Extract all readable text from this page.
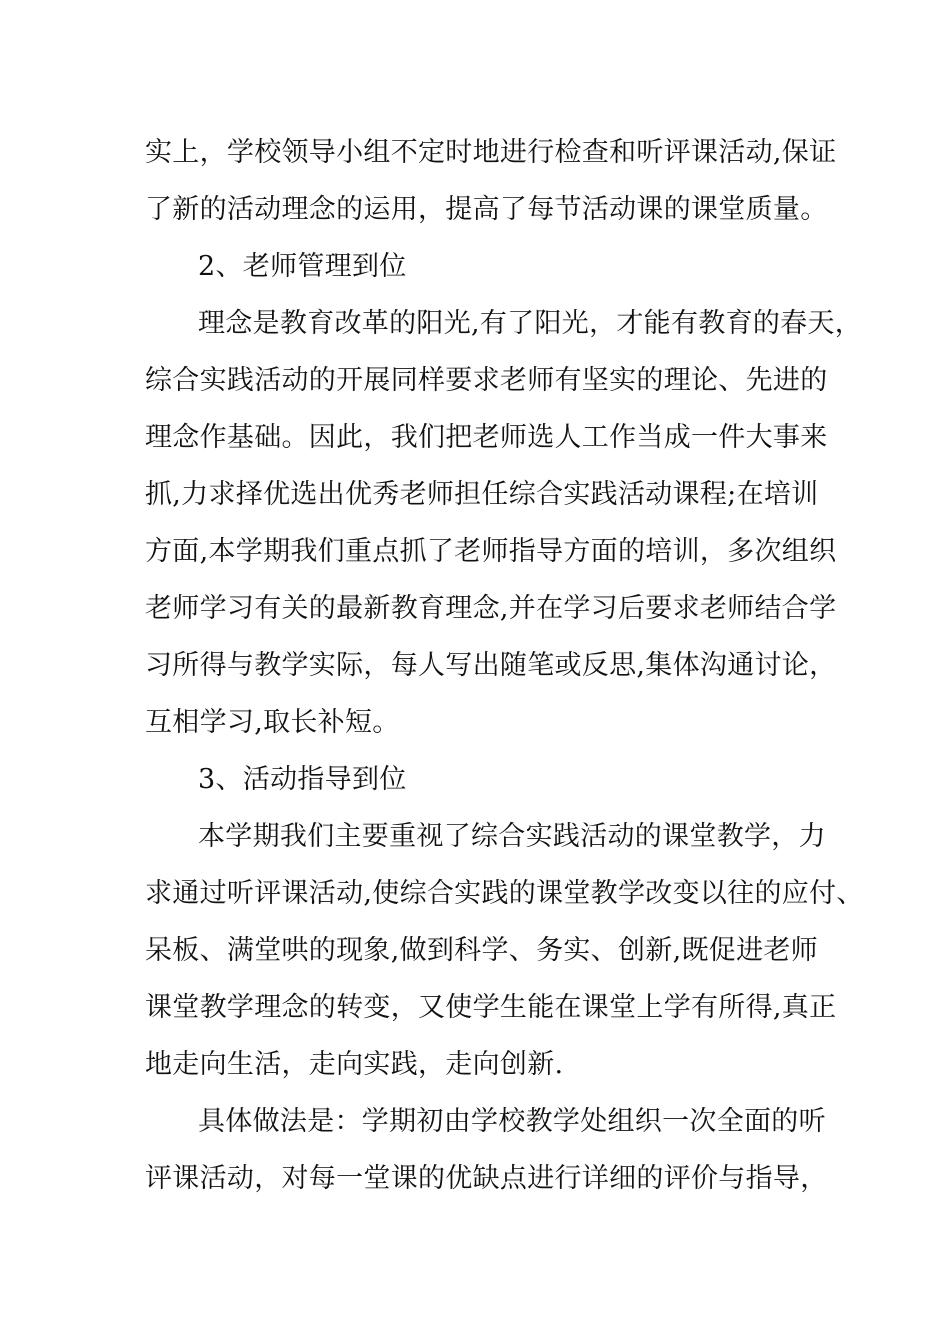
实上，学校领导小组不定时地进行检查和听评课活动,保证
了新的活动理念的运用，提高了每节活动课的课堂质量。
2、老师管理到位
理念是教育改革的阳光,有了阳光，才能有教育的春天，
综合实践活动的开展同样要求老师有坚实的理论、先进的
理念作基础。因此，我们把老师选人工作当成一件大事来
抓,力求择优选出优秀老师担任综合实践活动课程;在培训
方面,本学期我们重点抓了老师指导方面的培训，多次组织
老师学习有关的最新教育理念,并在学习后要求老师结合学
习所得与教学实际，每人写出随笔或反思,集体沟通讨论，
互相学习,取长补短。
3、活动指导到位
本学期我们主要重视了综合实践活动的课堂教学，力
求通过听评课活动,使综合实践的课堂教学改变以往的应付、
呆板、满堂哄的现象,做到科学、务实、创新,既促进老师
课堂教学理念的转变，又使学生能在课堂上学有所得,真正
地走向生活，走向实践，走向创新.
具体做法是：学期初由学校教学处组织一次全面的听
评课活动，对每一堂课的优缺点进行详细的评价与指导，
